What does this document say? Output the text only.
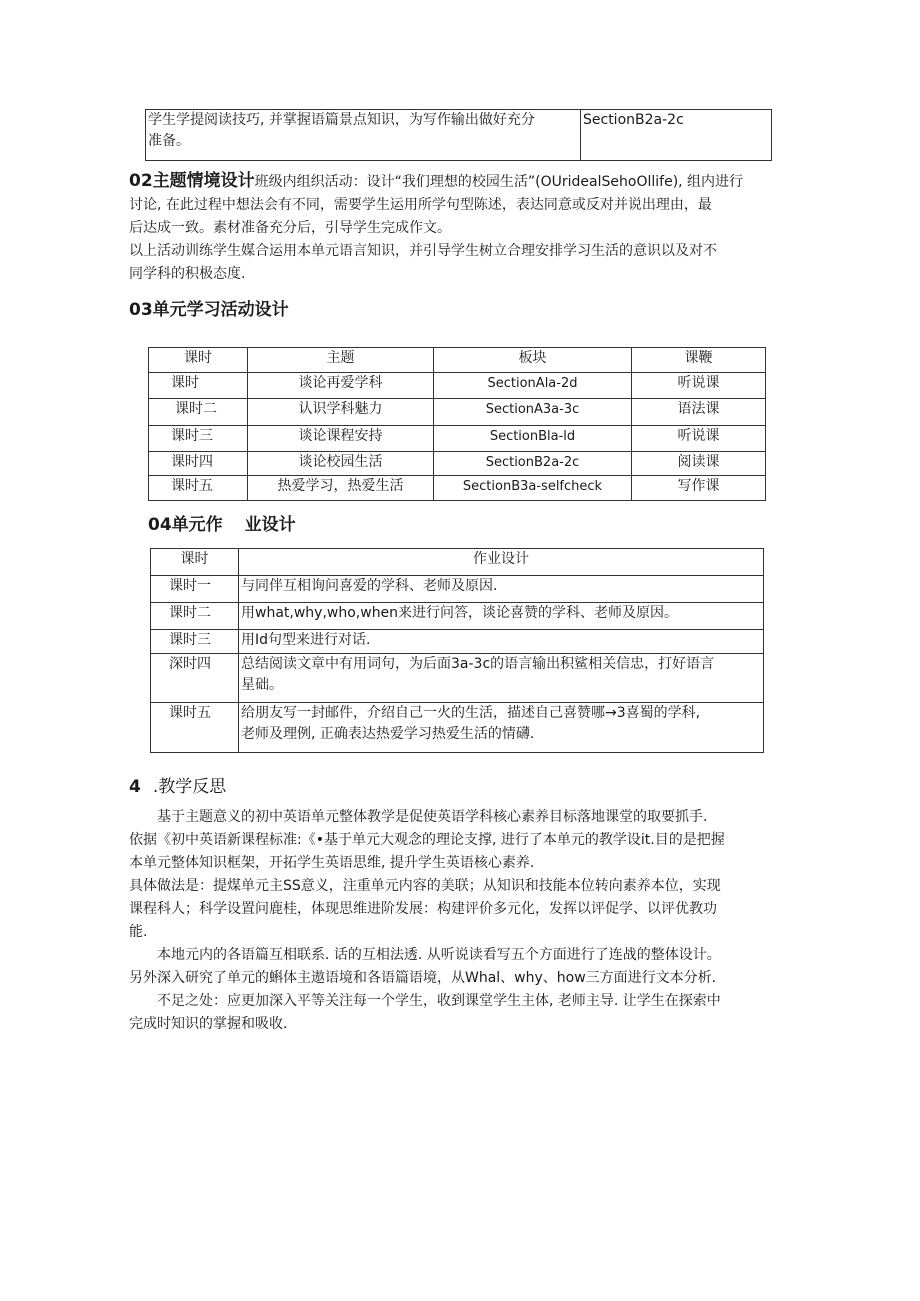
学生学提阅读技巧, 并掌握语篇景点知识，为写作输出做好充分
准备。
	SectionB2a-2c

02主题情境设计班级内组织活动：设计“我们理想的校园生活”(OUridealSehoOllife), 组内进行

讨论, 在此过程中想法会有不同，需要学生运用所学句型陈述，表达同意或反对并说出理由，最

后达成一致。素材准备充分后，引导学生完成作文。

以上活动训练学生媒合运用本单元语言知识，并引导学生树立合理安排学习生活的意识以及对不

同学科的积极态度.

03单元学习活动设计
课时	主题	板块	课鞭
课时	谈论再爱学科	SectionAla-2d	听说课
课时二	认识学科魅力	SectionA3a-3c	语法课
课时三	谈论课程安持	SectionBla-ld	听说课
课时四	谈论校园生活	SectionB2a-2c	阅读课
课时五	热爱学习，热爱生活	SectionB3a-selfcheck	写作课
04单元作 业设计
课时	作业设计
课时一	与同伴互相询问喜爱的学科、老师及原因.

课时二	用what,why,who,when来进行问答，谈论喜赞的学科、老师及原因。

课时三	用Id句型来进行对话.

深时四	总结阅读文章中有用词句，为后面3a-3c的语言输出积鲨相关信忠，打好语言
星础。

课时五	给朋友写一封邮件，介绍自己一火的生活，描述自己喜赞哪→3喜蜀的学科,
老师及理例, 正确表达热爱学习热爱生活的情礴.
4 .教学反思

基于主题意义的初中英语单元整体教学是促使英语学科核心素养目标落地课堂的取要抓手.

依据《初中英语新课程标准:《•基于单元大观念的理论支撑, 进行了本单元的教学设it.目的是把握

本单元整体知识框架，开拓学生英语思维, 提升学生英语核心素养.

具体做法是：提煤单元主SS意义，注重单元内容的美联；从知识和技能本位转向素养本位，实现

课程科人；科学设置问鹿桂，体现思维进阶发展：构建评价多元化，发挥以评促学、以评优教功

能.

本地元内的各语篇互相联系. 话的互相法透. 从听说读看写五个方面进行了连战的整体设计。

另外深入研究了单元的蝌体主遨语境和各语篇语境，从Whal、why、how三方面进行文本分析.

不足之处：应更加深入平等关注每一个学生，收到课堂学生主体, 老师主导. 让学生在探索中

完成时知识的掌握和吸收.
